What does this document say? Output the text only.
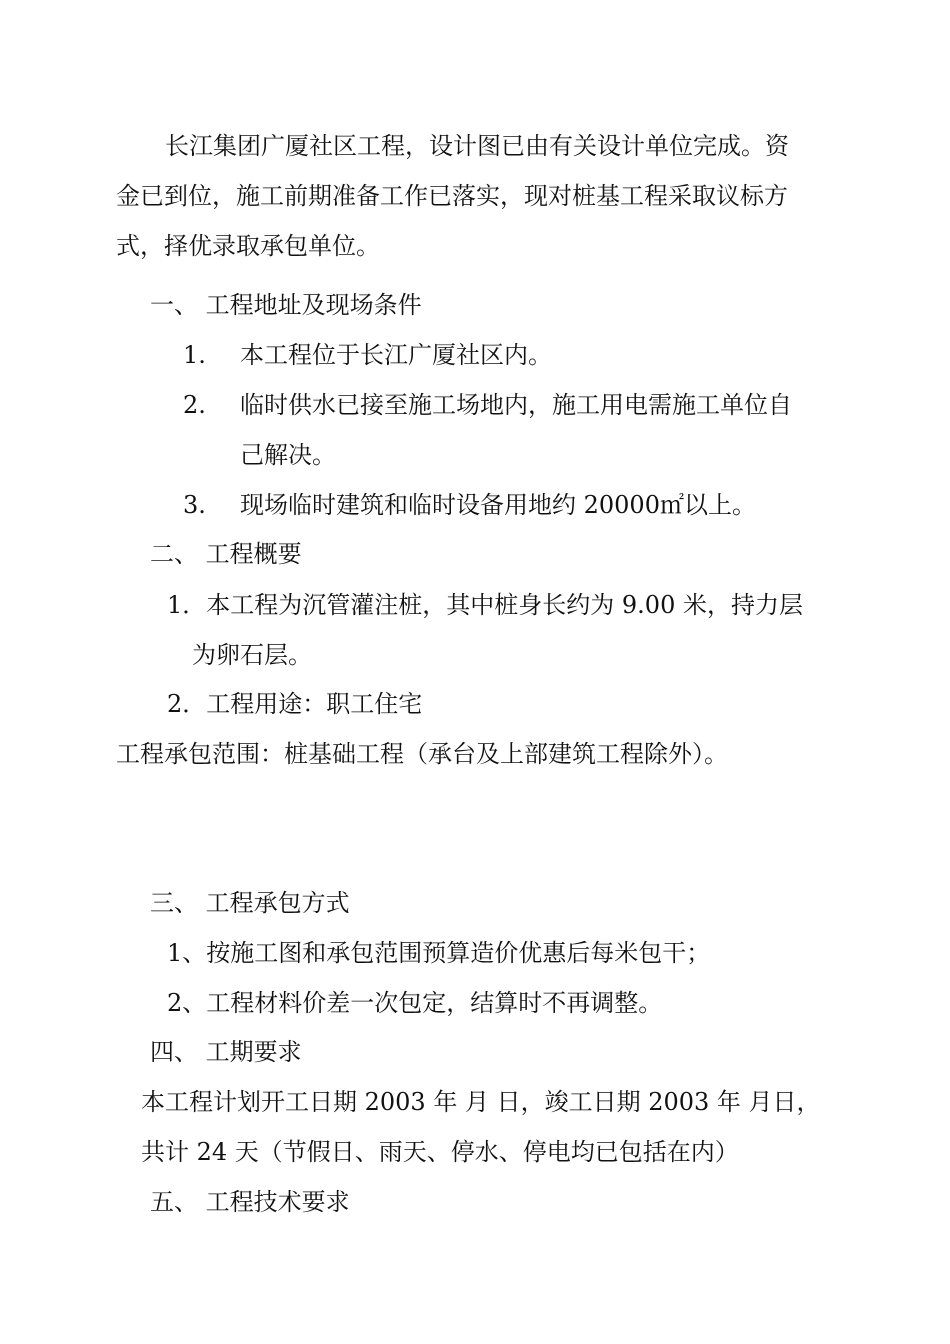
长江集团广厦社区工程，设计图已由有关设计单位完成。资
金已到位，施工前期准备工作已落实，现对桩基工程采取议标方
式，择优录取承包单位。
一、 工程地址及现场条件
1. 本工程位于长江广厦社区内。
2. 临时供水已接至施工场地内，施工用电需施工单位自
己解决。
3. 现场临时建筑和临时设备用地约 20000㎡以上。
二、 工程概要
1．本工程为沉管灌注桩，其中桩身长约为 9.00 米，持力层
为卵石层。
2．工程用途：职工住宅
工程承包范围：桩基础工程（承台及上部建筑工程除外）。
三、 工程承包方式
1、按施工图和承包范围预算造价优惠后每米包干；
2、工程材料价差一次包定，结算时不再调整。
四、 工期要求
本工程计划开工日期 2003 年 月 日，竣工日期 2003 年 月日，
共计 24 天（节假日、雨天、停水、停电均已包括在内）
五、 工程技术要求
